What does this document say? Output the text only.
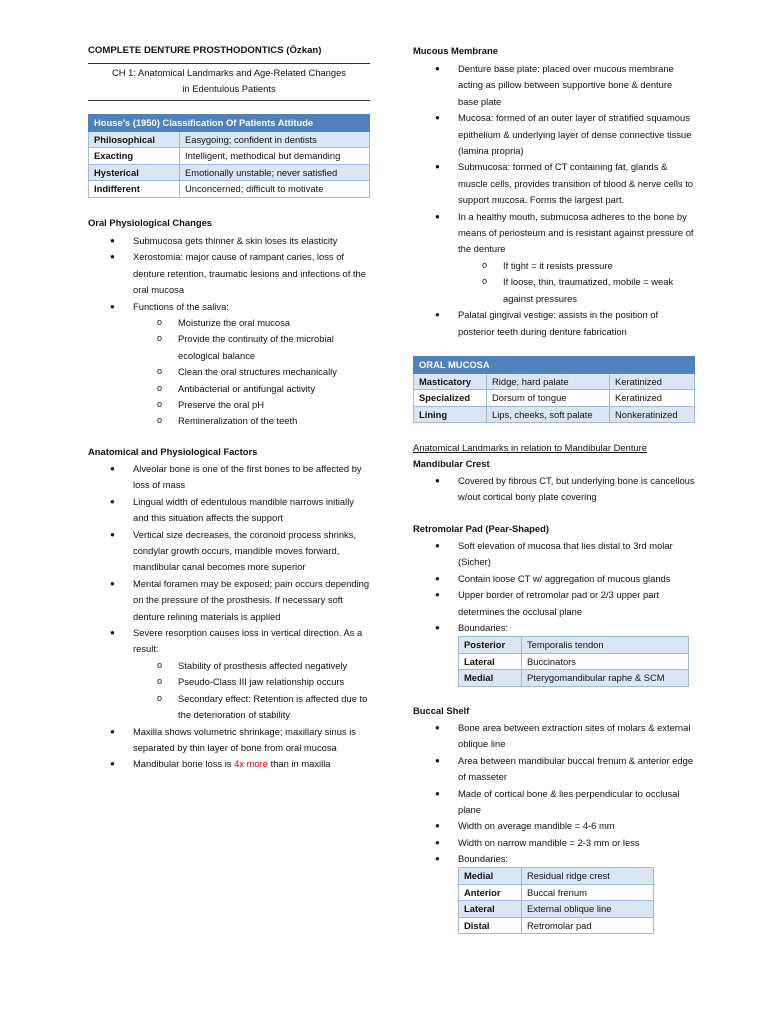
COMPLETE DENTURE PROSTHODONTICS (Özkan)
CH 1: Anatomical Landmarks and Age-Related Changes
in Edentulous Patients
House’s (1950) Classification Of Patients Attitude	
Philosophical	Easygoing; confident in dentists
Exacting	Intelligent, methodical but demanding
Hysterical	Emotionally unstable; never satisfied
Indifferent	Unconcerned; difficult to motivate
Oral Physiological Changes
● Submucosa gets thinner & skin loses its elasticity
● Xerostomia: major cause of rampant caries, loss of denture retention, traumatic lesions and infections of the oral mucosa
● Functions of the saliva:
o Moisturize the oral mucosa
o Provide the continuity of the microbial ecological balance
o Clean the oral structures mechanically
o Antibacterial or antifungal activity
o Preserve the oral pH
o Remineralization of the teeth
Anatomical and Physiological Factors
● Alveolar bone is one of the first bones to be affected by loss of mass
● Lingual width of edentulous mandible narrows initially and this situation affects the support
● Vertical size decreases, the coronoid process shrinks, condylar growth occurs, mandible moves forward, mandibular canal becomes more superior
● Mental foramen may be exposed; pain occurs depending on the pressure of the prosthesis. If necessary soft denture relining materials is applied
● Severe resorption causes loss in vertical direction. As a result:
o Stability of prosthesis affected negatively
o Pseudo-Class III jaw relationship occurs
o Secondary effect: Retention is affected due to the deterioration of stability
● Maxilla shows volumetric shrinkage; maxillary sinus is separated by thin layer of bone from oral mucosa
● Mandibular bone loss is 4x more than in maxilla
Mucous Membrane
● Denture base plate: placed over mucous membrane acting as pillow between supportive bone & denture base plate
● Mucosa: formed of an outer layer of stratified squamous epithelium & underlying layer of dense connective tissue (lamina propria)
● Submucosa: formed of CT containing fat, glands & muscle cells, provides transition of blood & nerve cells to support mucosa. Forms the largest part.
● In a healthy mouth, submucosa adheres to the bone by means of periosteum and is resistant against pressure of the denture
o If tight = it resists pressure
o If loose, thin, traumatized, mobile = weak against pressures
● Palatal gingival vestige: assists in the position of posterior teeth during denture fabrication
ORAL MUCOSA		
Masticatory	Ridge, hard palate	Keratinized
Specialized	Dorsum of tongue	Keratinized
Lining	Lips, cheeks, soft palate	Nonkeratinized
Anatomical Landmarks in relation to Mandibular Denture
Mandibular Crest
● Covered by fibrous CT, but underlying bone is cancellous w/out cortical bony plate covering
Retromolar Pad (Pear-Shaped)
● Soft elevation of mucosa that lies distal to 3rd molar (Sicher)
● Contain loose CT w/ aggregation of mucous glands
● Upper border of retromolar pad or 2/3 upper part determines the occlusal plane
● Boundaries:
Posterior	Temporalis tendon
Lateral	Buccinators
Medial	Pterygomandibular raphe & SCM
Buccal Shelf
● Bone area between extraction sites of molars & external oblique line
● Area between mandibular buccal frenum & anterior edge of masseter
● Made of cortical bone & lies perpendicular to occlusal plane
● Width on average mandible = 4-6 mm
● Width on narrow mandible = 2-3 mm or less
● Boundaries:
Medial	Residual ridge crest
Anterior	Buccal frenum
Lateral	External oblique line
Distal	Retromolar pad
